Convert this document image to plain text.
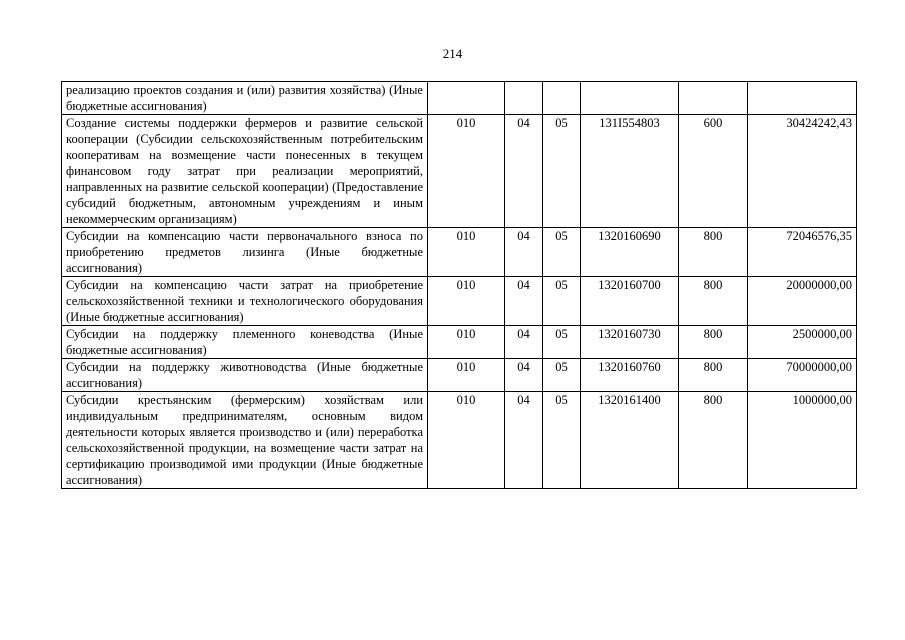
214
реализацию проектов создания и (или) развития хозяйства) (Иные бюджетные ассигнования)						
Создание системы поддержки фермеров и развитие сельской кооперации (Субсидии сельскохозяйственным потребительским кооперативам на возмещение части понесенных в текущем финансовом году затрат при реализации мероприятий, направленных на развитие сельской кооперации) (Предоставление субсидий бюджетным, автономным учреждениям и иным некоммерческим организациям)	010	04	05	131I554803	600	30424242,43
Субсидии на компенсацию части первоначального взноса по приобретению предметов лизинга (Иные бюджетные ассигнования)	010	04	05	1320160690	800	72046576,35
Субсидии на компенсацию части затрат на приобретение сельскохозяйственной техники и технологического оборудования (Иные бюджетные ассигнования)	010	04	05	1320160700	800	20000000,00
Субсидии на поддержку племенного коневодства (Иные бюджетные ассигнования)	010	04	05	1320160730	800	2500000,00
Субсидии на поддержку животноводства (Иные бюджетные ассигнования)	010	04	05	1320160760	800	70000000,00
Субсидии крестьянским (фермерским) хозяйствам или индивидуальным предпринимателям, основным видом деятельности которых является производство и (или) переработка сельскохозяйственной продукции, на возмещение части затрат на сертификацию производимой ими продукции (Иные бюджетные ассигнования)	010	04	05	1320161400	800	1000000,00
